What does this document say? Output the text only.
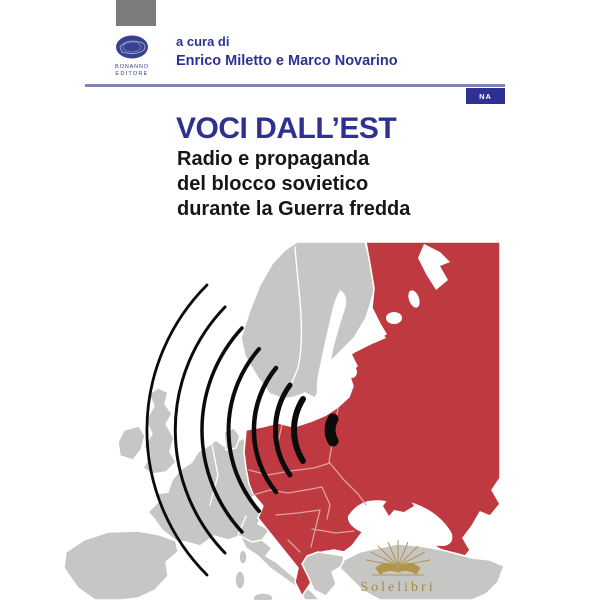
Solelibri
BONANNO
EDITORE
a cura di
Enrico Miletto e Marco Novarino
NA
VOCI DALL’EST
Radio e propaganda
del blocco sovietico
durante la Guerra fredda
